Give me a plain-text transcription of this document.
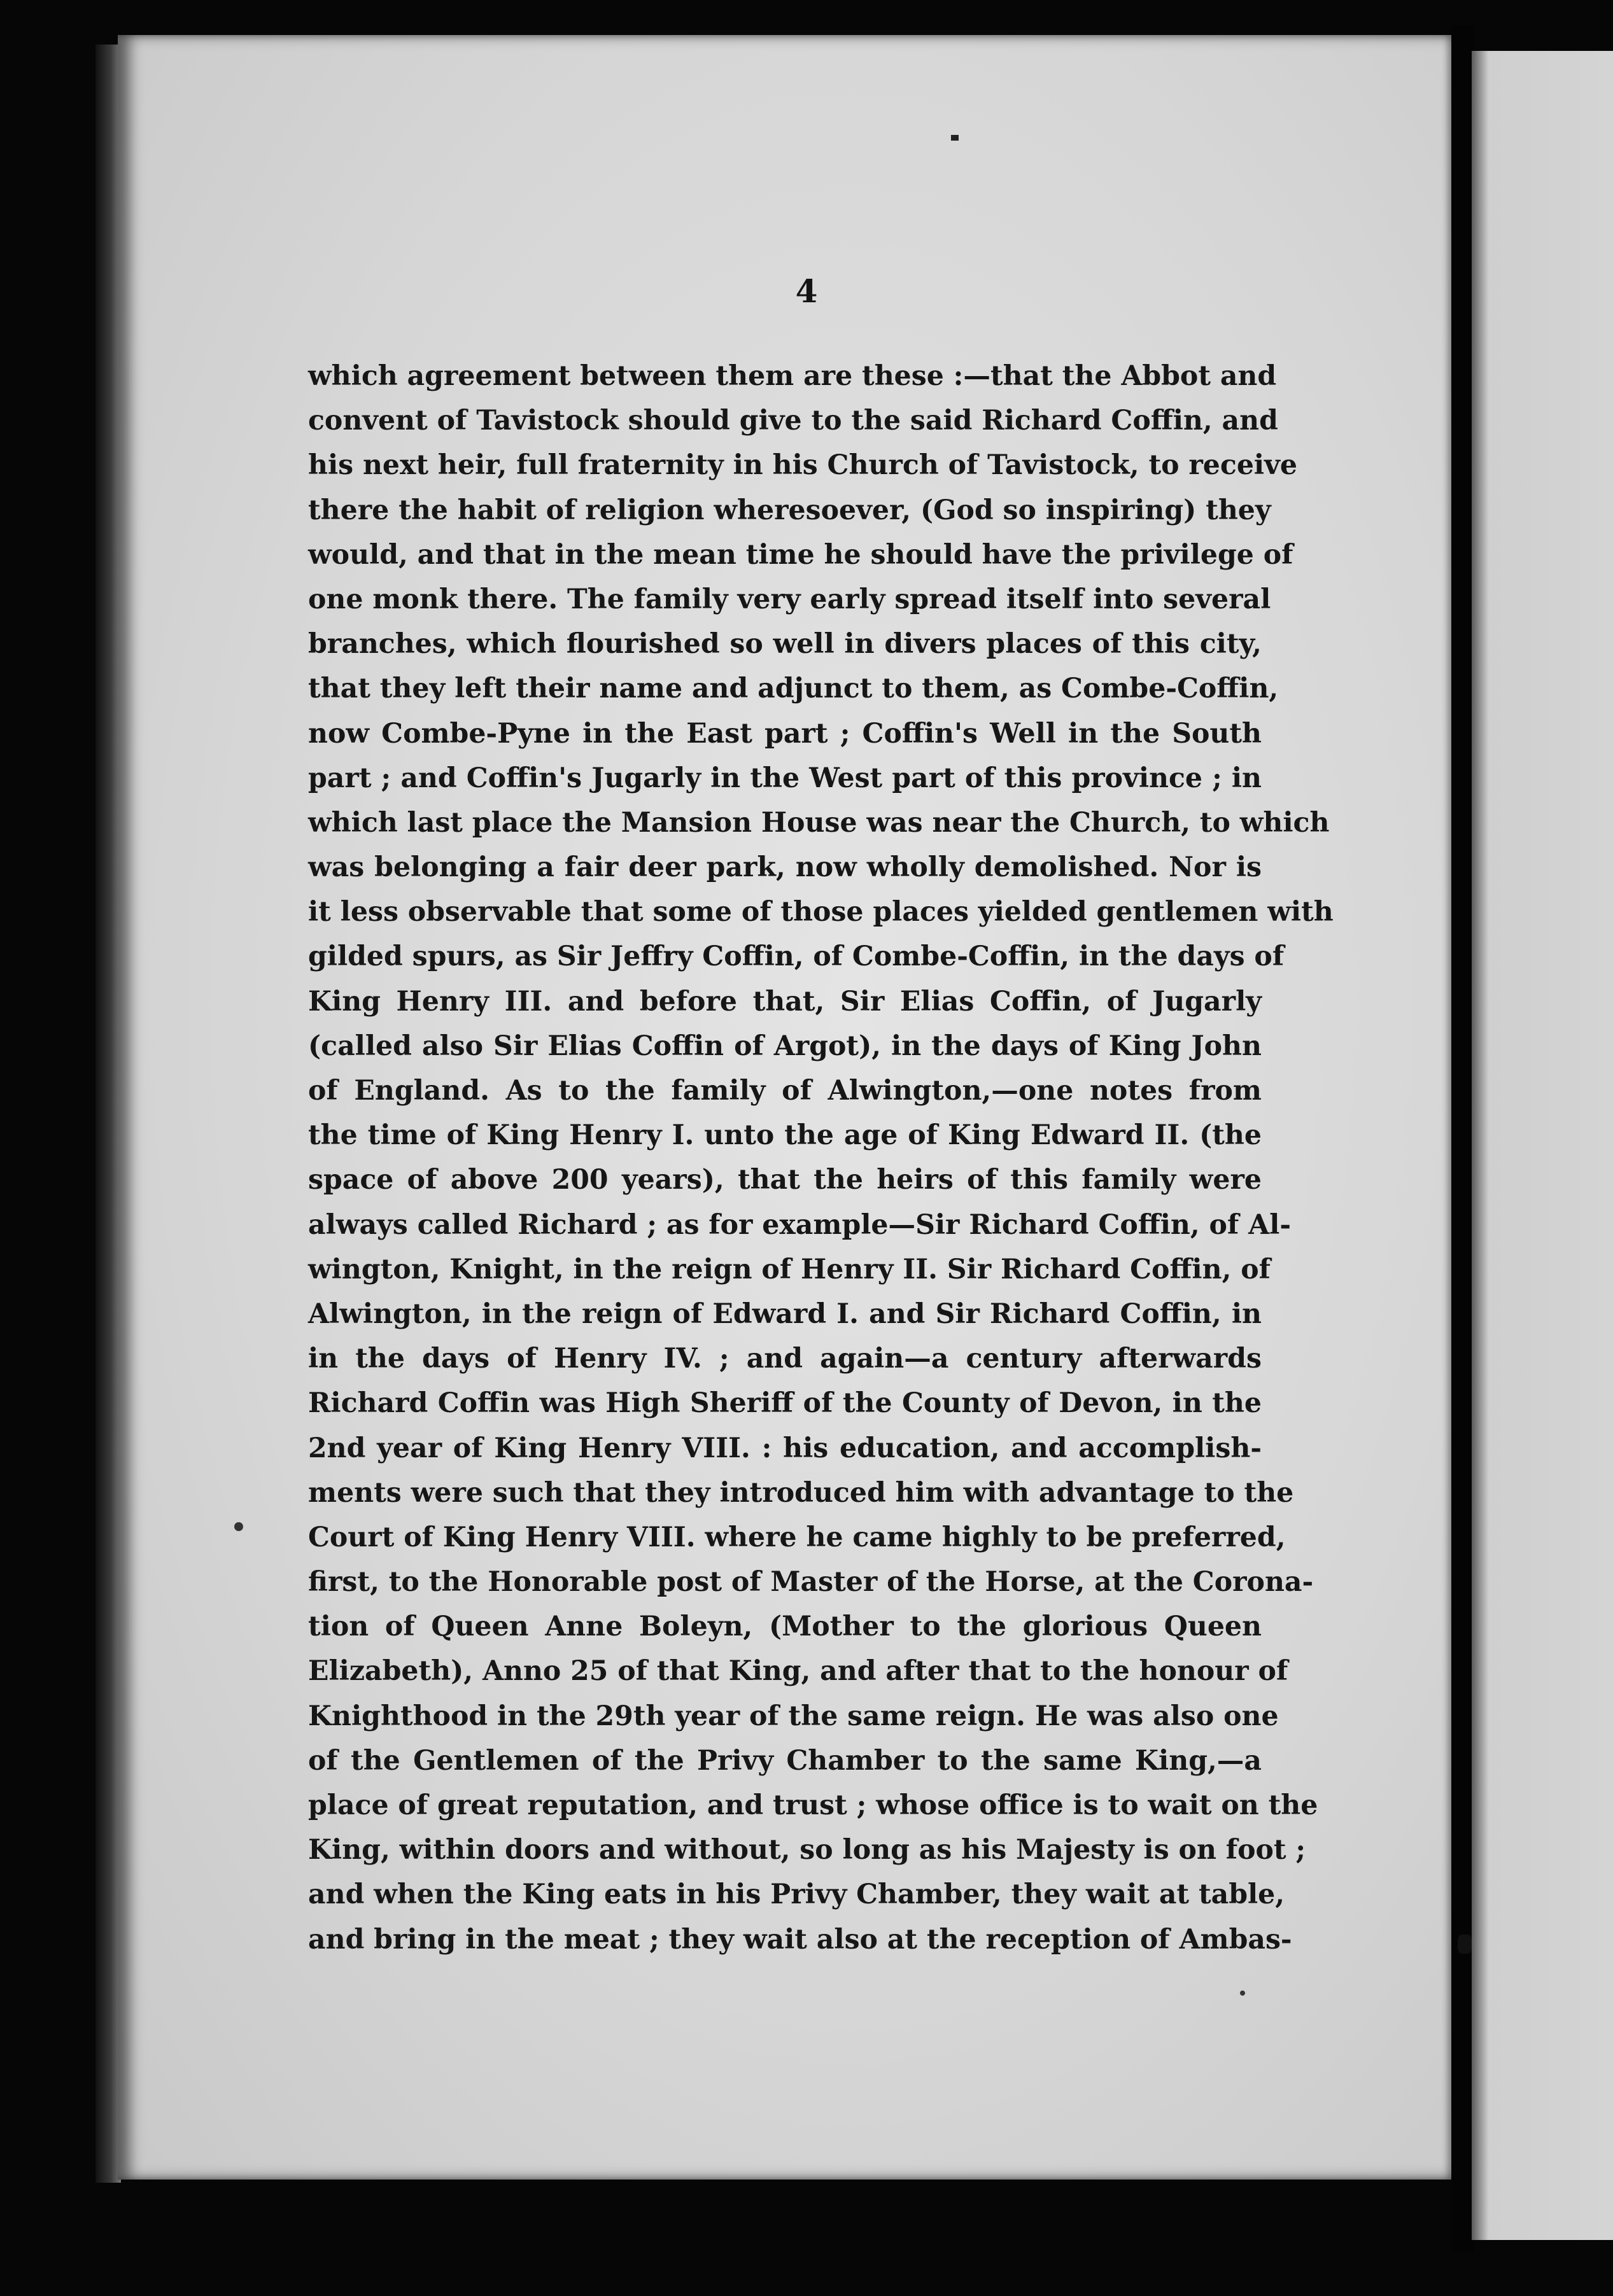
4
which agreement between them are these :—that the Abbot and
convent of Tavistock should give to the said Richard Coffin, and
his next heir, full fraternity in his Church of Tavistock, to receive
there the habit of religion wheresoever, (God so inspiring) they
would, and that in the mean time he should have the privilege of
one monk there. The family very early spread itself into several
branches, which flourished so well in divers places of this city,
that they left their name and adjunct to them, as Combe-Coffin,
now Combe-Pyne in the East part ; Coffin's Well in the South
part ; and Coffin's Jugarly in the West part of this province ; in
which last place the Mansion House was near the Church, to which
was belonging a fair deer park, now wholly demolished. Nor is
it less observable that some of those places yielded gentlemen with
gilded spurs, as Sir Jeffry Coffin, of Combe-Coffin, in the days of
King Henry III. and before that, Sir Elias Coffin, of Jugarly
(called also Sir Elias Coffin of Argot), in the days of King John
of England. As to the family of Alwington,—one notes from
the time of King Henry I. unto the age of King Edward II. (the
space of above 200 years), that the heirs of this family were
always called Richard ; as for example—Sir Richard Coffin, of Al-
wington, Knight, in the reign of Henry II. Sir Richard Coffin, of
Alwington, in the reign of Edward I. and Sir Richard Coffin, in
in the days of Henry IV. ; and again—a century afterwards
Richard Coffin was High Sheriff of the County of Devon, in the
2nd year of King Henry VIII. : his education, and accomplish-
ments were such that they introduced him with advantage to the
Court of King Henry VIII. where he came highly to be preferred,
first, to the Honorable post of Master of the Horse, at the Corona-
tion of Queen Anne Boleyn, (Mother to the glorious Queen
Elizabeth), Anno 25 of that King, and after that to the honour of
Knighthood in the 29th year of the same reign. He was also one
of the Gentlemen of the Privy Chamber to the same King,—a
place of great reputation, and trust ; whose office is to wait on the
King, within doors and without, so long as his Majesty is on foot ;
and when the King eats in his Privy Chamber, they wait at table,
and bring in the meat ; they wait also at the reception of Ambas-
